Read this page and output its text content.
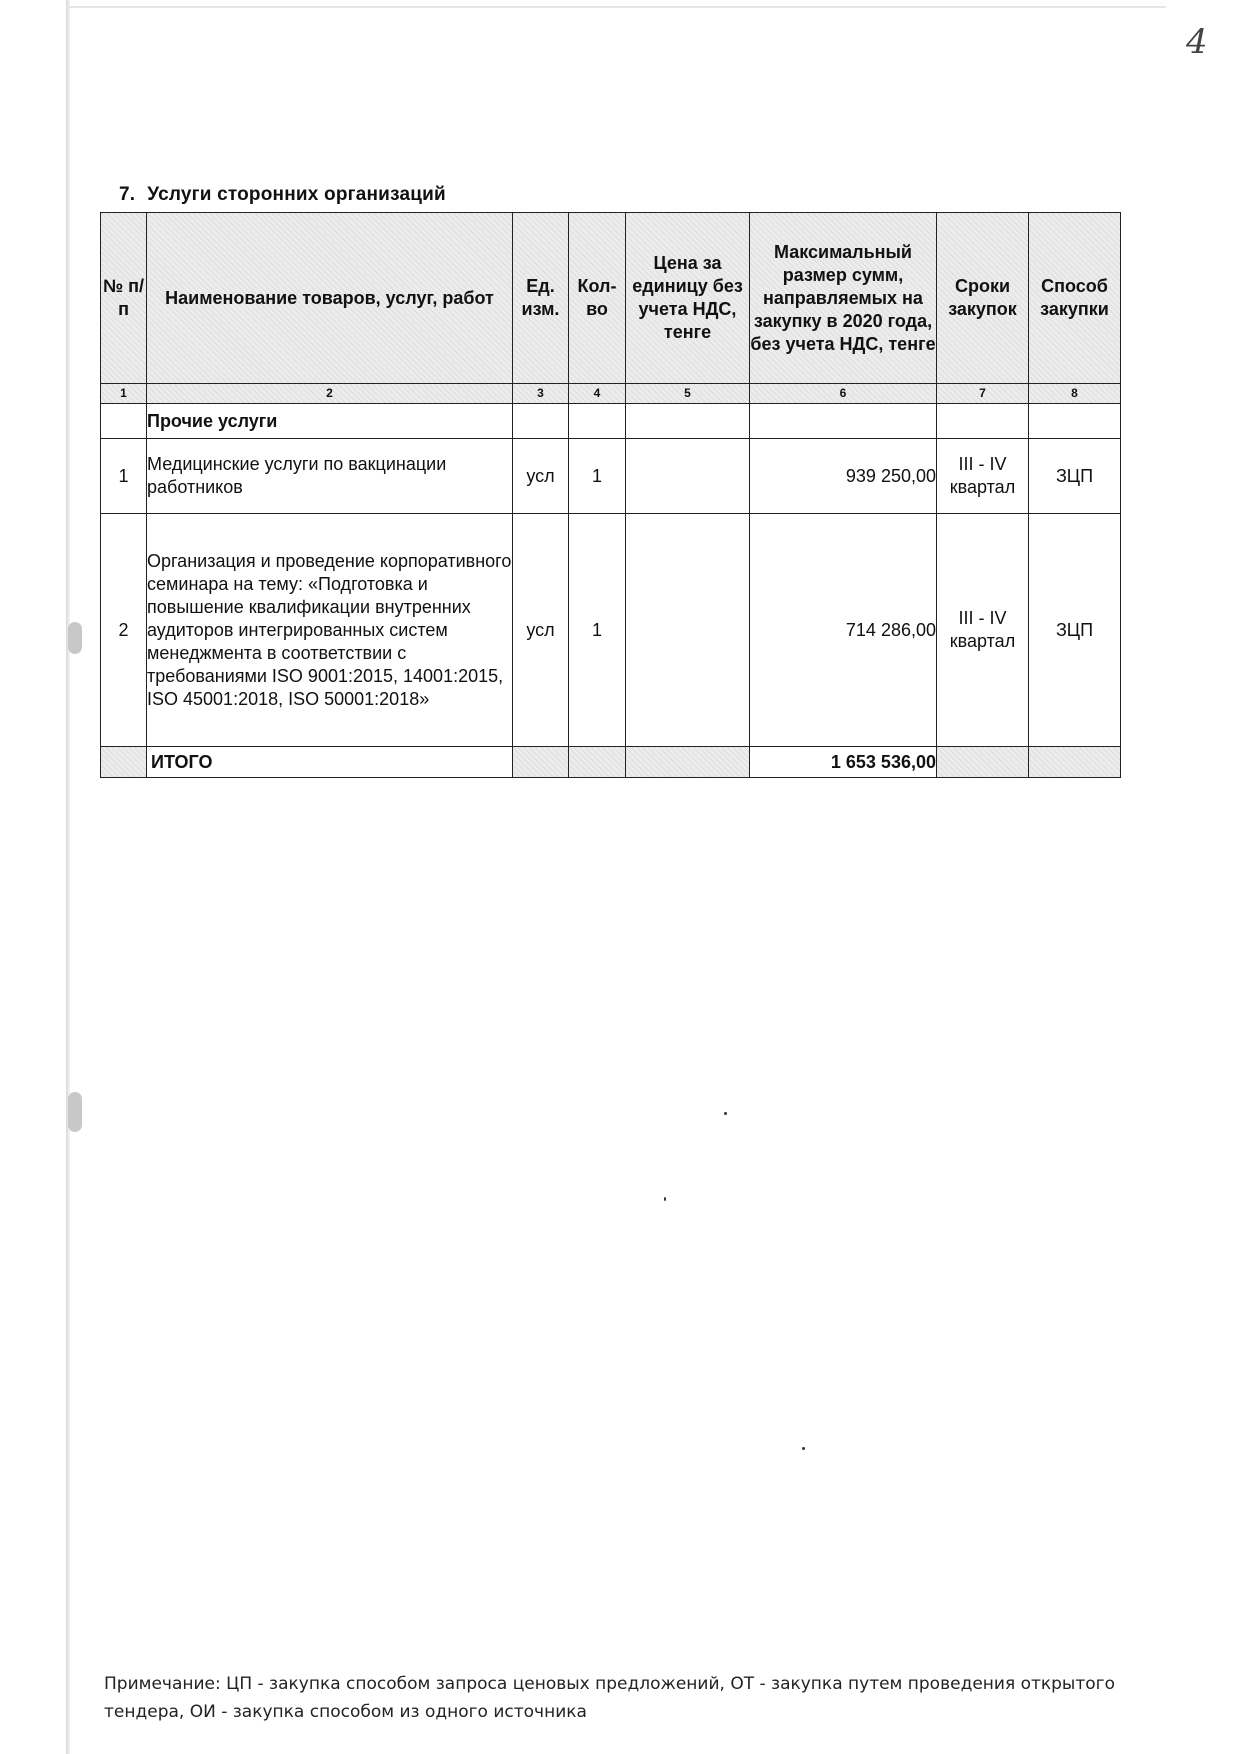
4
7. Услуги сторонних организаций
№ п/п	Наименование товаров, услуг, работ	Ед. изм.	Кол-во	Цена за единицу без учета НДС, тенге	Максимальный размер сумм, направляемых на закупку в 2020 года, без учета НДС, тенге	Сроки закупок	Способ закупки
1	2	3	4	5	6	7	8
	Прочие услуги						
1	Медицинские услуги по вакцинации работников	усл	1		939 250,00	III - IV квартал	ЗЦП
2	Организация и проведение корпоративного семинара на тему: «Подготовка и повышение квалификации внутренних аудиторов интегрированных систем менеджмента в соответствии с требованиями ISO 9001:2015, 14001:2015, ISO 45001:2018, ISO 50001:2018»	усл	1		714 286,00	III - IV квартал	ЗЦП
	ИТОГО				1 653 536,00		
Примечание: ЦП - закупка способом запроса ценовых предложений, ОТ - закупка путем проведения открытого тендера, ОИ - закупка способом из одного источника
